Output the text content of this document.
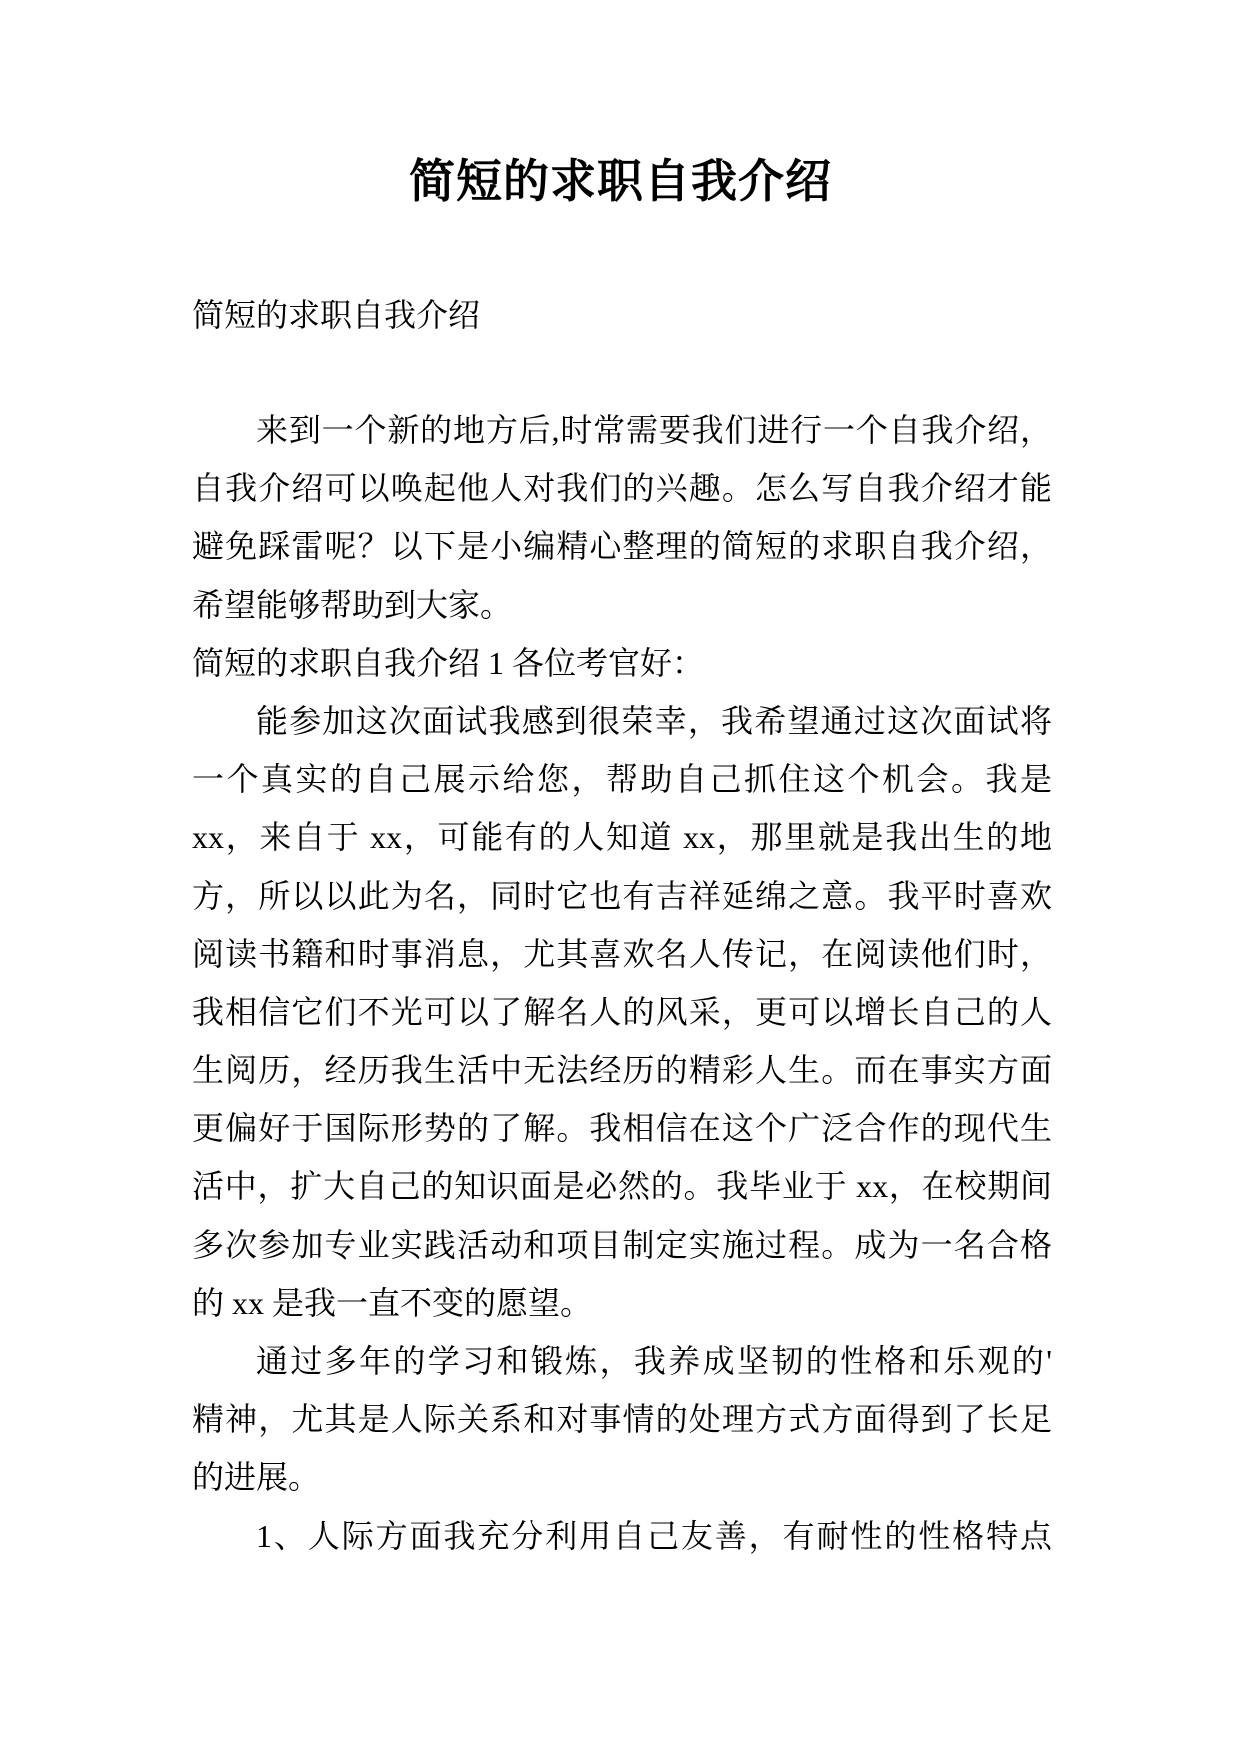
简短的求职自我介绍
简短的求职自我介绍
来到一个新的地方后,时常需要我们进行一个自我介绍，
自我介绍可以唤起他人对我们的兴趣。怎么写自我介绍才能
避免踩雷呢？以下是小编精心整理的简短的求职自我介绍，
希望能够帮助到大家。
简短的求职自我介绍 1 各位考官好：
能参加这次面试我感到很荣幸，我希望通过这次面试将
一个真实的自己展示给您，帮助自己抓住这个机会。我是
xx，来自于 xx，可能有的人知道 xx，那里就是我出生的地
方，所以以此为名，同时它也有吉祥延绵之意。我平时喜欢
阅读书籍和时事消息，尤其喜欢名人传记，在阅读他们时，
我相信它们不光可以了解名人的风采，更可以增长自己的人
生阅历，经历我生活中无法经历的精彩人生。而在事实方面
更偏好于国际形势的了解。我相信在这个广泛合作的现代生
活中，扩大自己的知识面是必然的。我毕业于 xx，在校期间
多次参加专业实践活动和项目制定实施过程。成为一名合格
的 xx 是我一直不变的愿望。
通过多年的学习和锻炼，我养成坚韧的性格和乐观的'
精神，尤其是人际关系和对事情的处理方式方面得到了长足
的进展。
1、人际方面我充分利用自己友善，有耐性的性格特点
